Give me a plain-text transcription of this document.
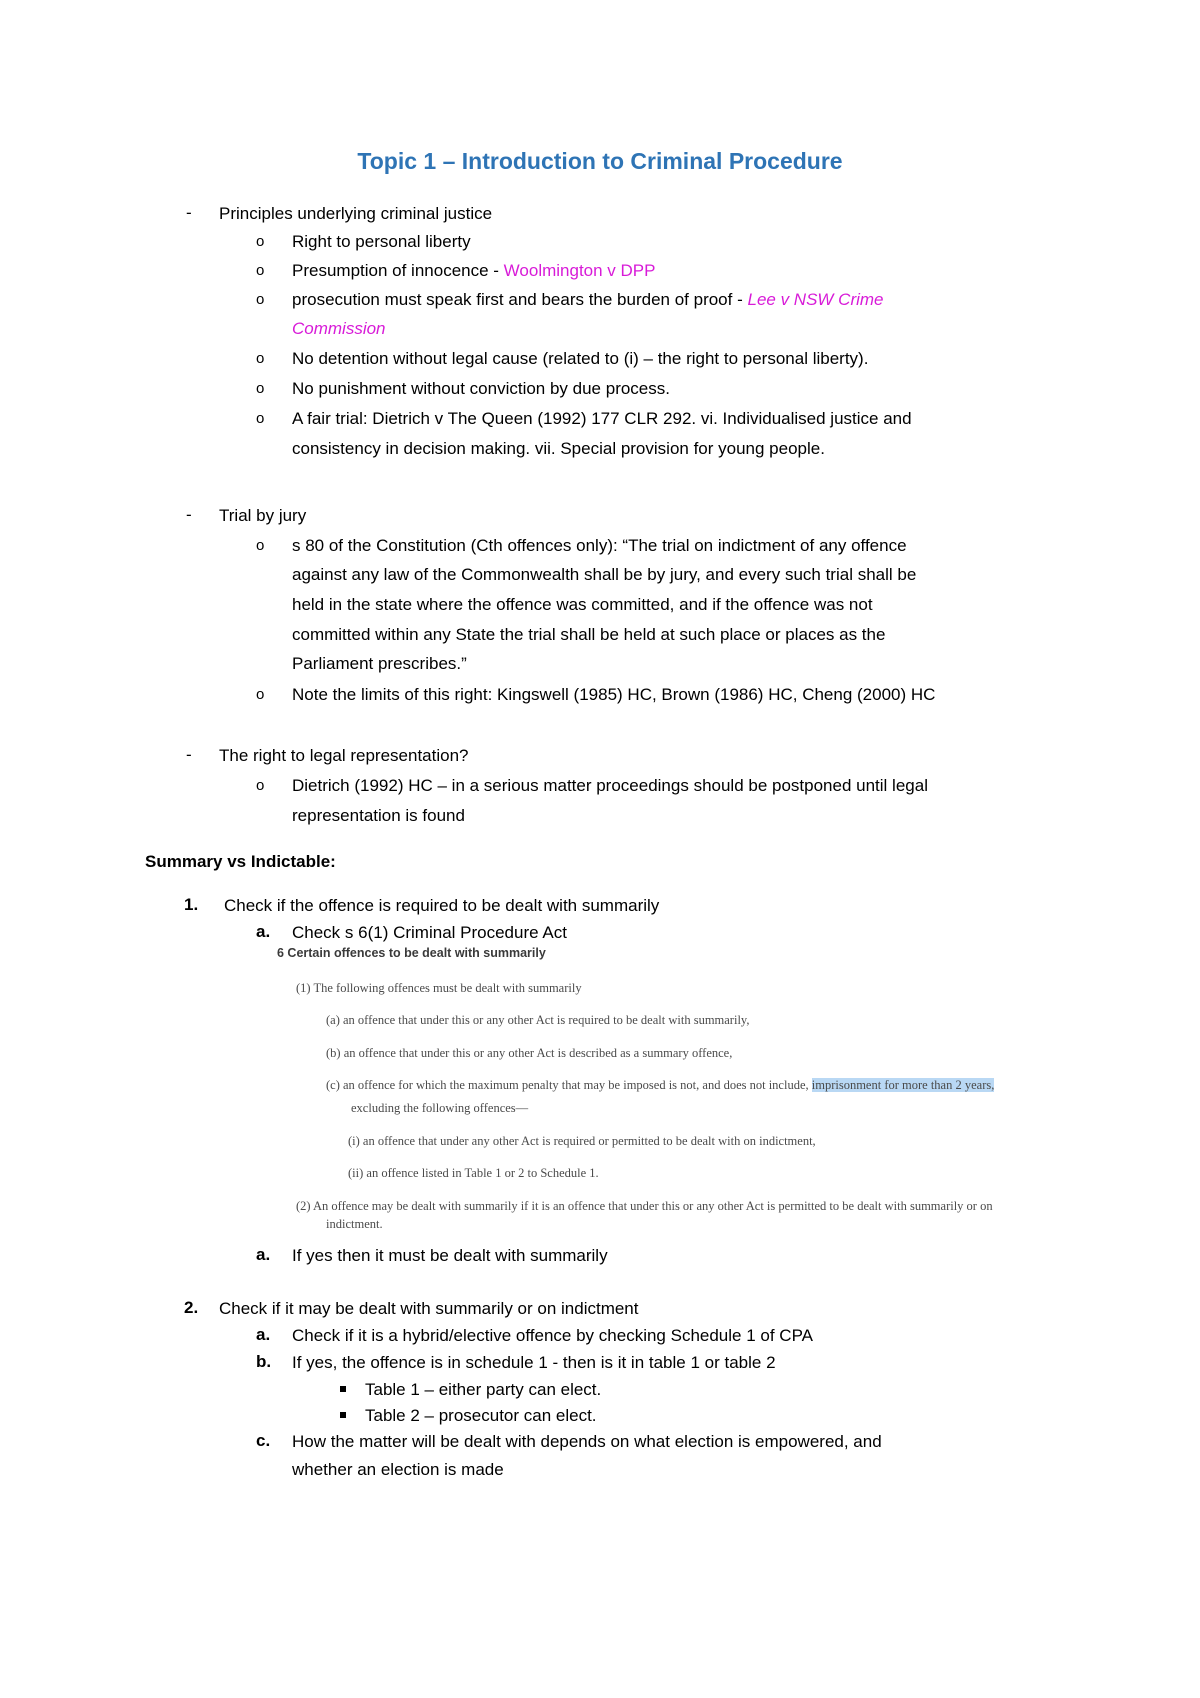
Topic 1 – Introduction to Criminal Procedure
- Principles underlying criminal justice
o Right to personal liberty
o Presumption of innocence - Woolmington v DPP
o prosecution must speak first and bears the burden of proof - Lee v NSW Crime
Commission
o No detention without legal cause (related to (i) – the right to personal liberty).
o No punishment without conviction by due process.
o A fair trial: Dietrich v The Queen (1992) 177 CLR 292. vi. Individualised justice and
consistency in decision making. vii. Special provision for young people.
- Trial by jury
o s 80 of the Constitution (Cth offences only): “The trial on indictment of any offence
against any law of the Commonwealth shall be by jury, and every such trial shall be
held in the state where the offence was committed, and if the offence was not
committed within any State the trial shall be held at such place or places as the
Parliament prescribes.”
o Note the limits of this right: Kingswell (1985) HC, Brown (1986) HC, Cheng (2000) HC
- The right to legal representation?
o Dietrich (1992) HC – in a serious matter proceedings should be postponed until legal
representation is found
Summary vs Indictable:
1. Check if the offence is required to be dealt with summarily
a. Check s 6(1) Criminal Procedure Act
6 Certain offences to be dealt with summarily
(1) The following offences must be dealt with summarily
(a) an offence that under this or any other Act is required to be dealt with summarily,
(b) an offence that under this or any other Act is described as a summary offence,
(c) an offence for which the maximum penalty that may be imposed is not, and does not include, imprisonment for more than 2 years,
excluding the following offences—
(i) an offence that under any other Act is required or permitted to be dealt with on indictment,
(ii) an offence listed in Table 1 or 2 to Schedule 1.
(2) An offence may be dealt with summarily if it is an offence that under this or any other Act is permitted to be dealt with summarily or on
indictment.
a. If yes then it must be dealt with summarily
2. Check if it may be dealt with summarily or on indictment
a. Check if it is a hybrid/elective offence by checking Schedule 1 of CPA
b. If yes, the offence is in schedule 1 - then is it in table 1 or table 2
Table 1 – either party can elect.
Table 2 – prosecutor can elect.
c. How the matter will be dealt with depends on what election is empowered, and
whether an election is made
